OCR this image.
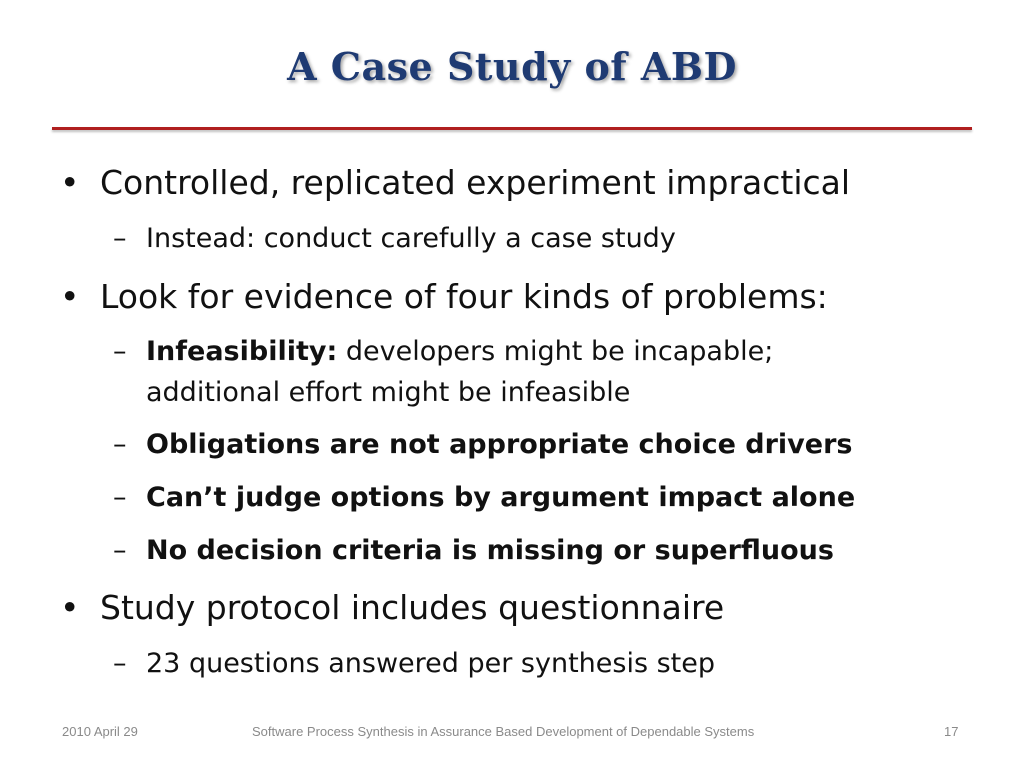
A Case Study of ABD
• Controlled, replicated experiment impractical
– Instead: conduct carefully a case study
• Look for evidence of four kinds of problems:
– Infeasibility: developers might be incapable;
additional effort might be infeasible
– Obligations are not appropriate choice drivers
– Can’t judge options by argument impact alone
– No decision criteria is missing or superfluous
• Study protocol includes questionnaire
– 23 questions answered per synthesis step
2010 April 29	Software Process Synthesis in Assurance Based Development of Dependable Systems	17
